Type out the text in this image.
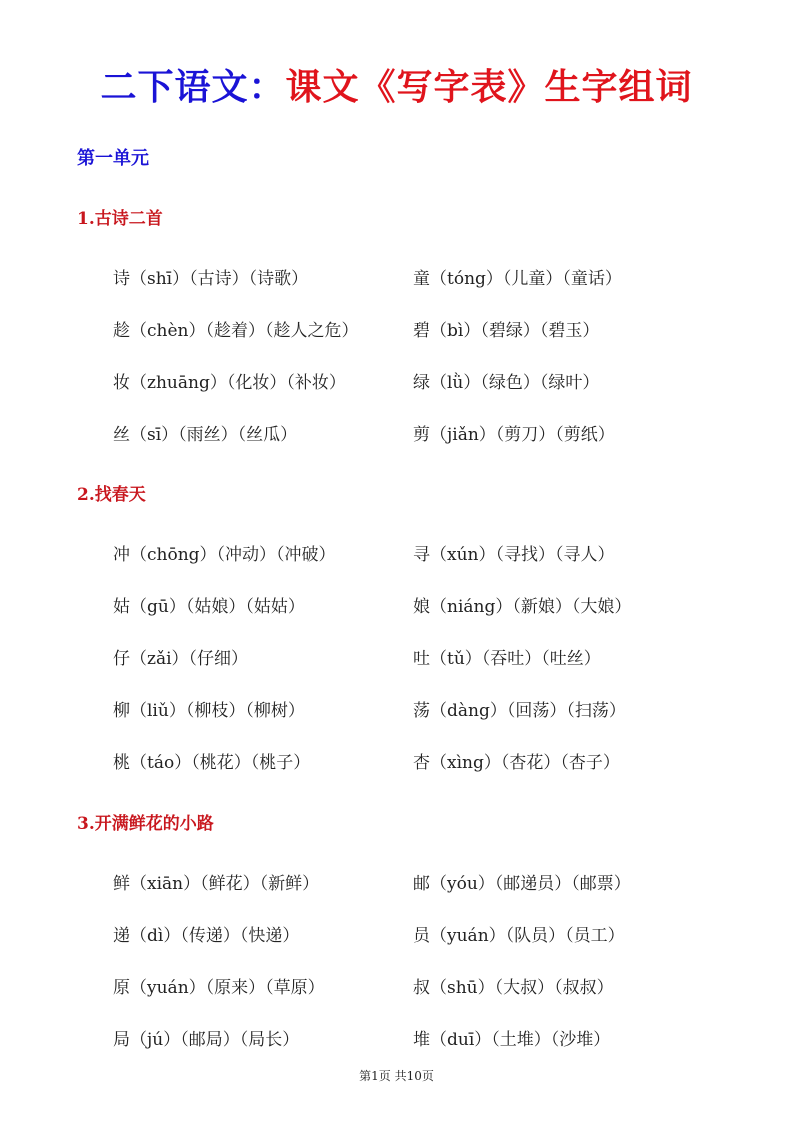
二下语文：课文《写字表》生字组词
第一单元
1.古诗二首
诗（shī）（古诗）（诗歌）	童（tóng）（儿童）（童话）
趁（chèn）（趁着）（趁人之危）	碧（bì）（碧绿）（碧玉）
妆（zhuāng）（化妆）（补妆）	绿（lǜ）（绿色）（绿叶）
丝（sī）（雨丝）（丝瓜）	剪（jiǎn）（剪刀）（剪纸）
2.找春天
冲（chōng）（冲动）（冲破）	寻（xún）（寻找）（寻人）
姑（gū）（姑娘）（姑姑）	娘（niáng）（新娘）（大娘）
仔（zǎi）（仔细）	吐（tǔ）（吞吐）（吐丝）
柳（liǔ）（柳枝）（柳树）	荡（dàng）（回荡）（扫荡）
桃（táo）（桃花）（桃子）	杏（xìng）（杏花）（杏子）
3.开满鲜花的小路
鲜（xiān）（鲜花）（新鲜）	邮（yóu）（邮递员）（邮票）
递（dì）（传递）（快递）	员（yuán）（队员）（员工）
原（yuán）（原来）（草原）	叔（shū）（大叔）（叔叔）
局（jú）（邮局）（局长）	堆（duī）（土堆）（沙堆）
第1页 共10页
